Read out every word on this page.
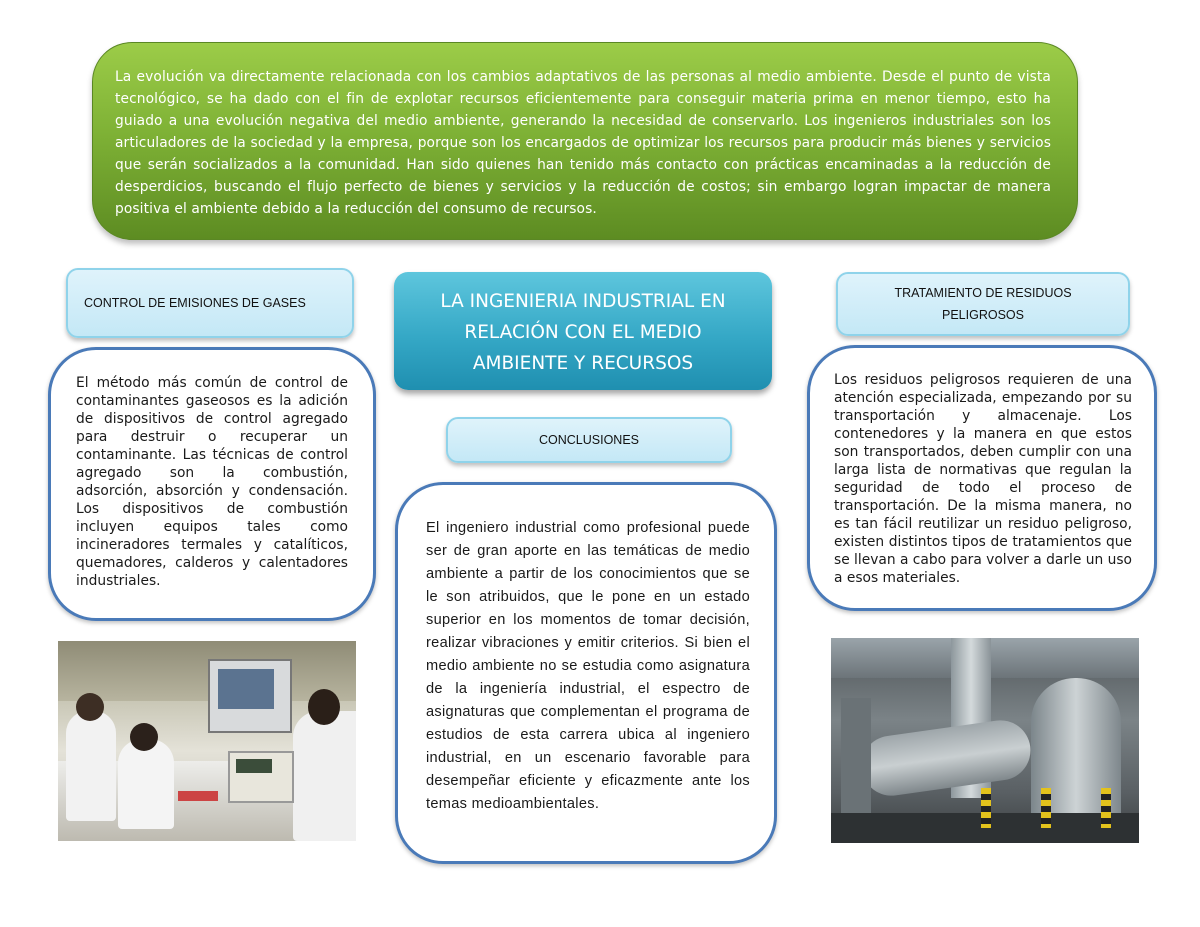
La evolución va directamente relacionada con los cambios adaptativos de las personas al medio ambiente. Desde el punto de vista tecnológico, se ha dado con el fin de explotar recursos eficientemente para conseguir materia prima en menor tiempo, esto ha guiado a una evolución negativa del medio ambiente, generando la necesidad de conservarlo. Los ingenieros industriales son los articuladores de la sociedad y la empresa, porque son los encargados de optimizar los recursos para producir más bienes y servicios que serán socializados a la comunidad. Han sido quienes han tenido más contacto con prácticas encaminadas a la reducción de desperdicios, buscando el flujo perfecto de bienes y servicios y la reducción de costos; sin embargo logran impactar de manera positiva el ambiente debido a la reducción del consumo de recursos.

CONTROL DE EMISIONES DE GASES	LA INGENIERIA INDUSTRIAL EN
RELACIÓN CON EL MEDIO
AMBIENTE Y RECURSOS
TRATAMIENTO DE RESIDUOS
PELIGROSOS
CONCLUSIONES

El método más común de control de contaminantes gaseosos es la adición de dispositivos de control agregado para destruir o recuperar un contaminante. Las técnicas de control agregado son la combustión, adsorción, absorción y condensación. Los dispositivos de combustión incluyen equipos tales como incineradores termales y catalíticos, quemadores, calderos y calentadores industriales.

Los residuos peligrosos requieren de una atención especializada, empezando por su transportación y almacenaje. Los contenedores y la manera en que estos son transportados, deben cumplir con una larga lista de normativas que regulan la seguridad de todo el proceso de transportación. De la misma manera, no es tan fácil reutilizar un residuo peligroso, existen distintos tipos de tratamientos que se llevan a cabo para volver a darle un uso a esos materiales.

El ingeniero industrial como profesional puede ser de gran aporte en las temáticas de medio ambiente a partir de los conocimientos que se le son atribuidos, que le pone en un estado superior en los momentos de tomar decisión, realizar vibraciones y emitir criterios. Si bien el medio ambiente no se estudia como asignatura de la ingeniería industrial, el espectro de asignaturas que complementan el programa de estudios de esta carrera ubica al ingeniero industrial, en un escenario favorable para desempeñar eficiente y eficazmente ante los temas medioambientales.
